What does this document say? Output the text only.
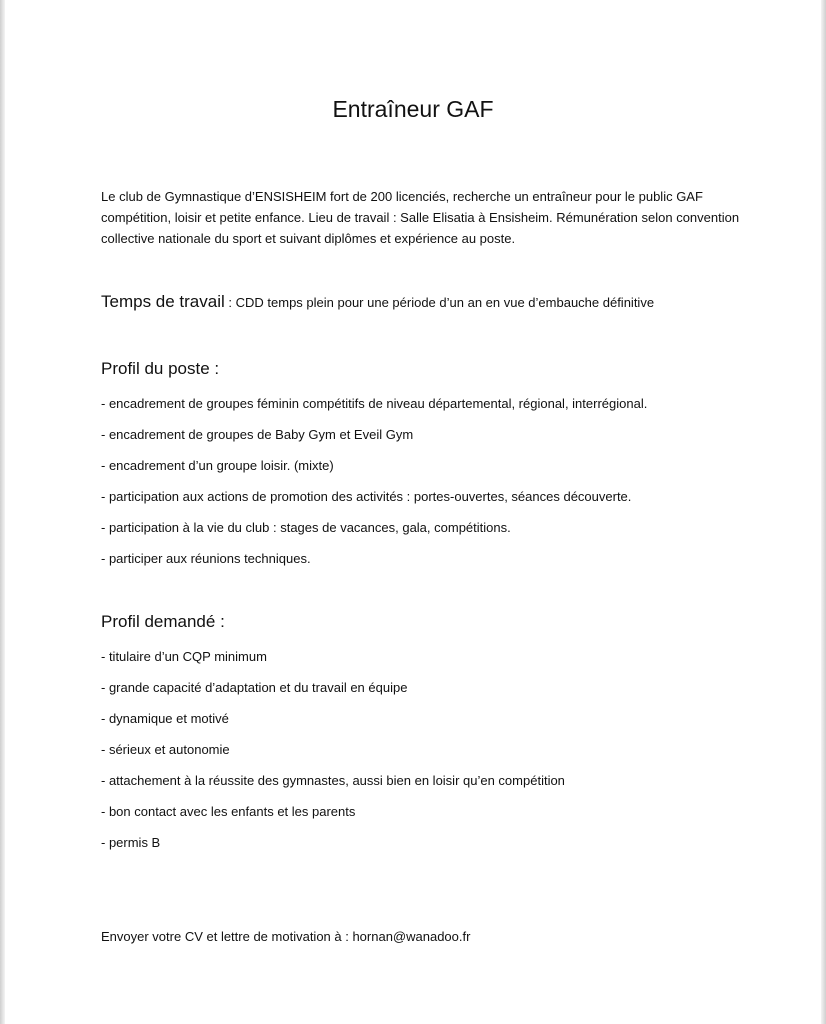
Entraîneur GAF

Le club de Gymnastique d’ENSISHEIM fort de 200 licenciés, recherche un entraîneur pour le public GAF compétition, loisir et petite enfance. Lieu de travail : Salle Elisatia à Ensisheim. Rémunération selon convention collective nationale du sport et suivant diplômes et expérience au poste.

Temps de travail : CDD temps plein pour une période d’un an en vue d’embauche définitive
Profil du poste :
- encadrement de groupes féminin compétitifs de niveau départemental, régional, interrégional.
- encadrement de groupes de Baby Gym et Eveil Gym
- encadrement d’un groupe loisir. (mixte)
- participation aux actions de promotion des activités : portes-ouvertes, séances découverte.
- participation à la vie du club : stages de vacances, gala, compétitions.
- participer aux réunions techniques.
Profil demandé :
- titulaire d’un CQP minimum
- grande capacité d’adaptation et du travail en équipe
- dynamique et motivé
- sérieux et autonomie
- attachement à la réussite des gymnastes, aussi bien en loisir qu’en compétition
- bon contact avec les enfants et les parents
- permis B
Envoyer votre CV et lettre de motivation à : hornan@wanadoo.fr
